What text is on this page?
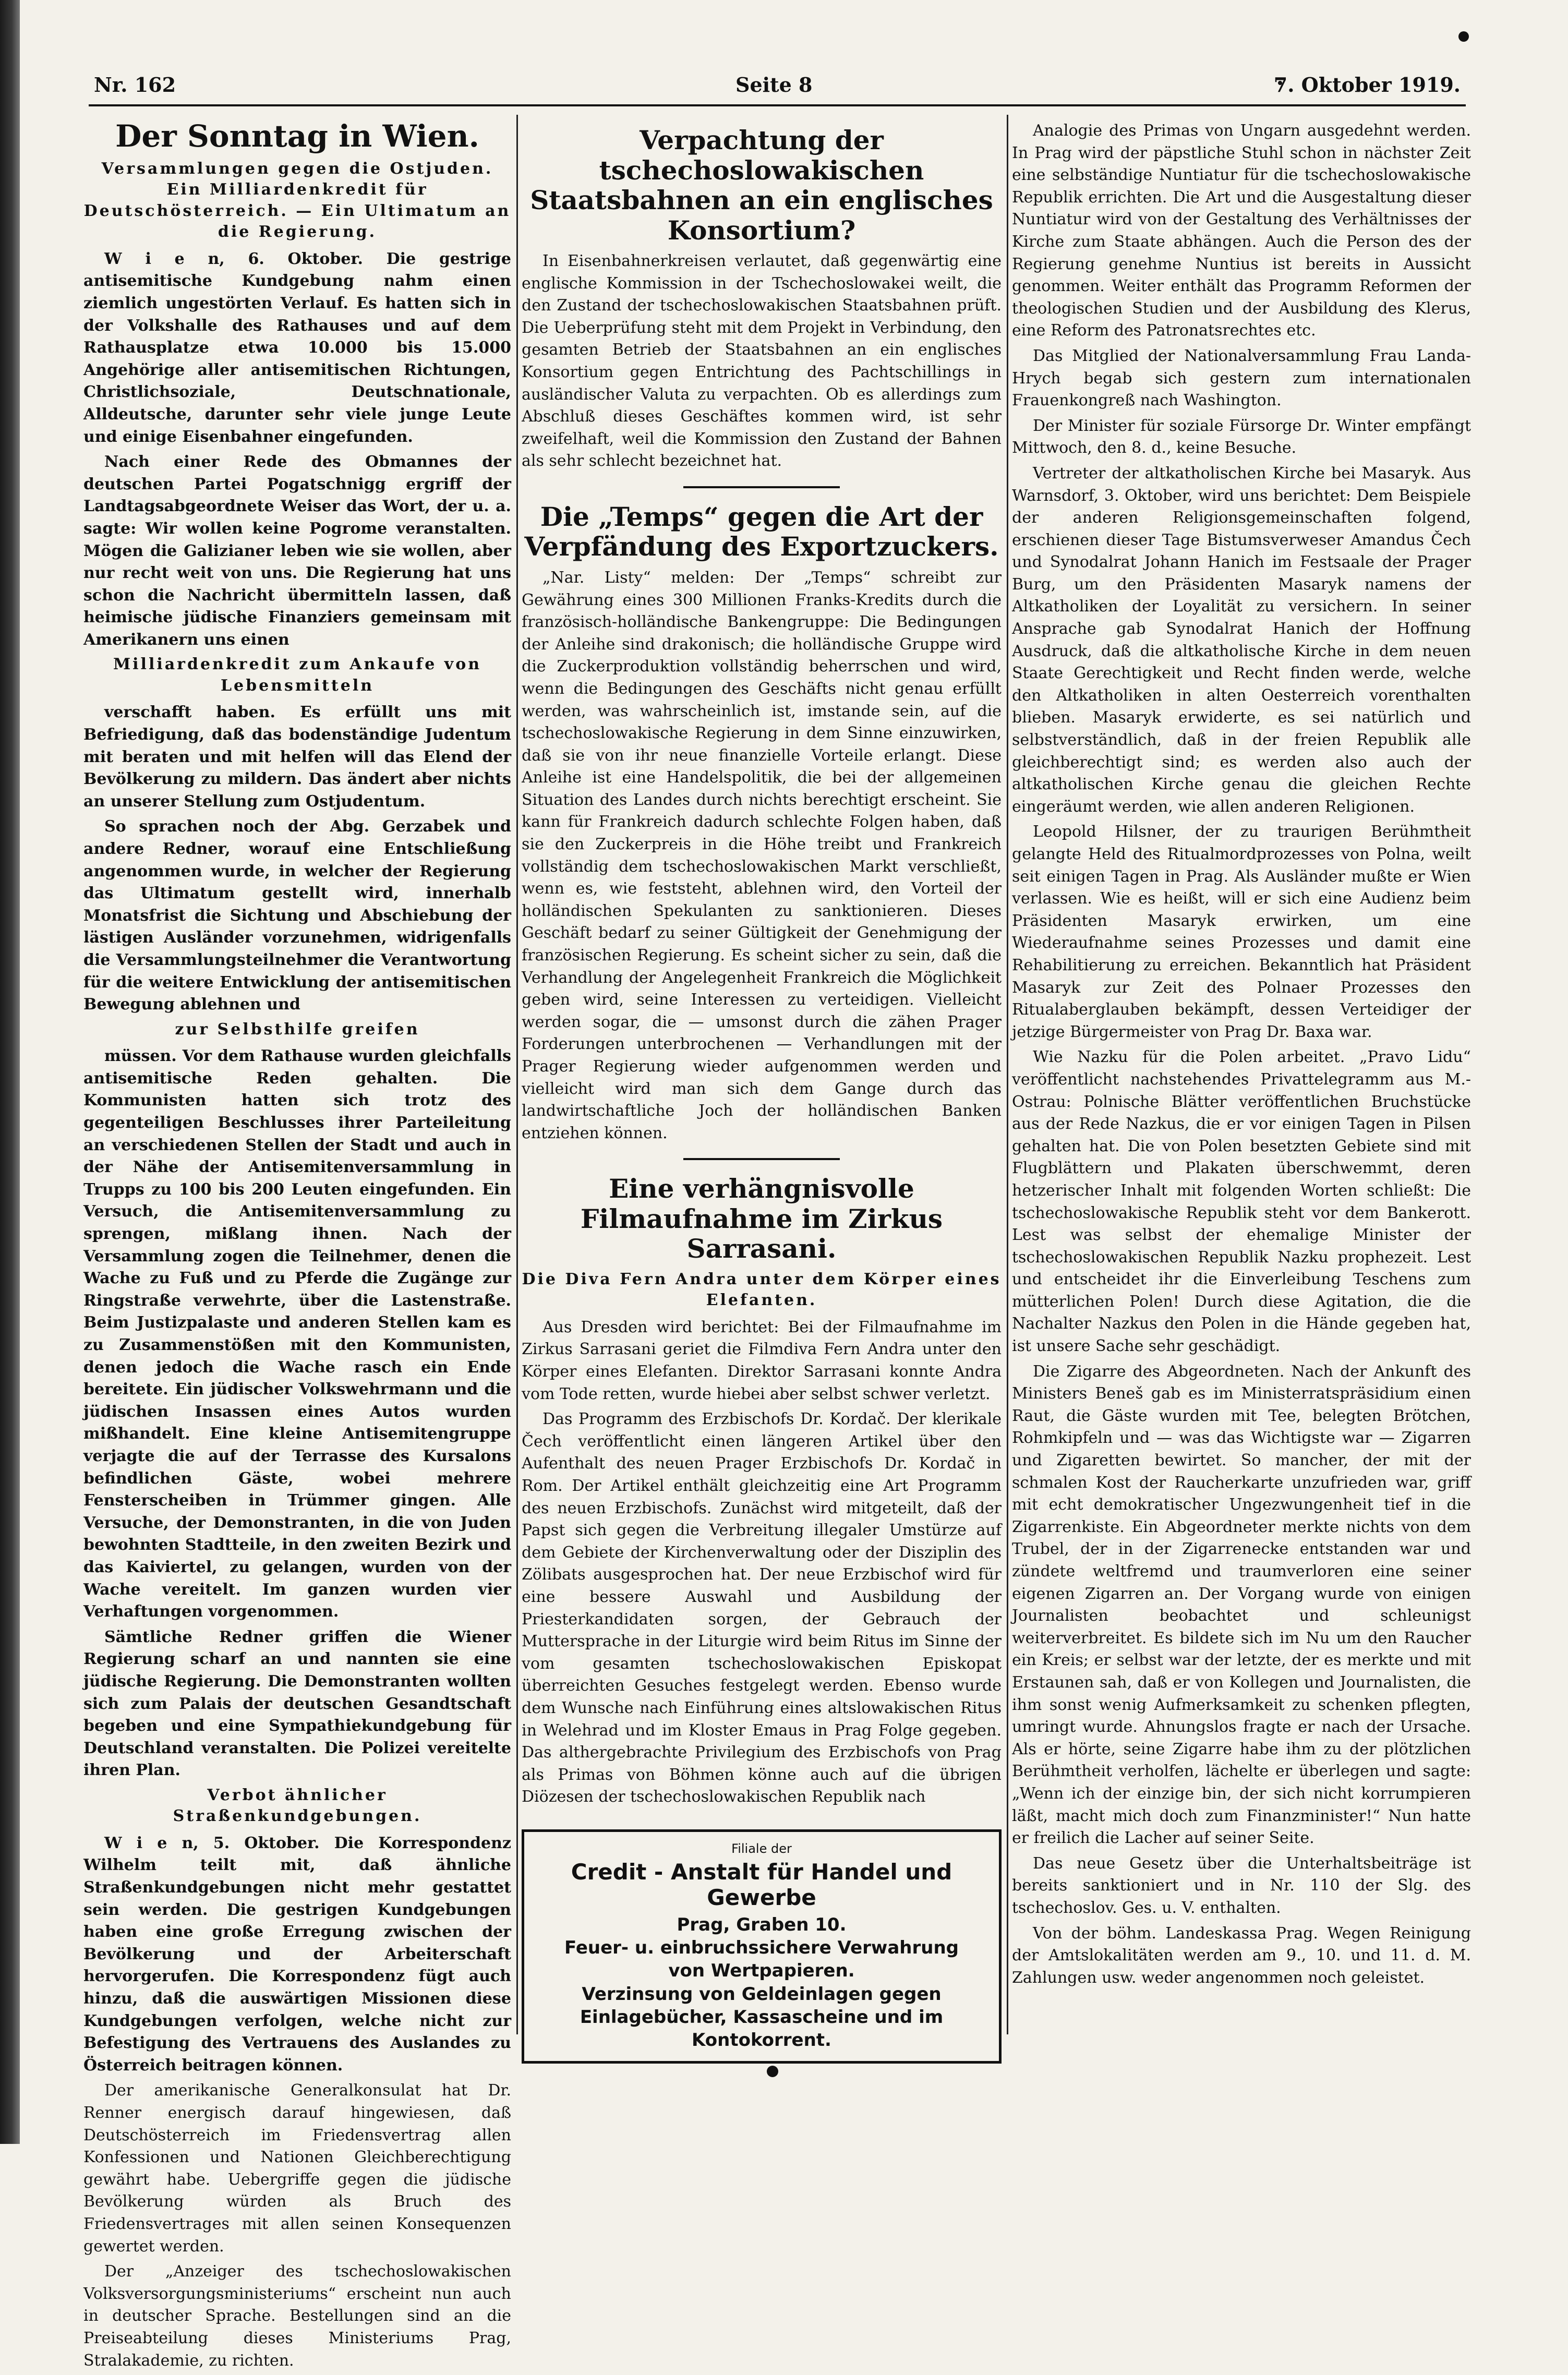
Nr. 162	Seite 8	7. Oktober 1919.
Der Sonntag in Wien.
Versammlungen gegen die Ostjuden. Ein Milliardenkredit für Deutschösterreich. — Ein Ultimatum an die Regierung.
W i e n, 6. Oktober. Die gestrige antisemitische Kundgebung nahm einen ziemlich ungestörten Verlauf. Es hatten sich in der Volkshalle des Rathauses und auf dem Rathausplatze etwa 10.000 bis 15.000 Angehörige aller antisemitischen Richtungen, Christlichsoziale, Deutschnationale, Alldeutsche, darunter sehr viele junge Leute und einige Eisenbahner eingefunden.
Nach einer Rede des Obmannes der deutschen Partei Pogatschnigg ergriff der Landtagsabgeordnete Weiser das Wort, der u. a. sagte: Wir wollen keine Pogrome veranstalten. Mögen die Galizianer leben wie sie wollen, aber nur recht weit von uns. Die Regierung hat uns schon die Nachricht übermitteln lassen, daß heimische jüdische Finanziers gemeinsam mit Amerikanern uns einen
Milliardenkredit zum Ankaufe von Lebensmitteln
verschafft haben. Es erfüllt uns mit Befriedigung, daß das bodenständige Judentum mit beraten und mit helfen will das Elend der Bevölkerung zu mildern. Das ändert aber nichts an unserer Stellung zum Ostjudentum.
So sprachen noch der Abg. Gerzabek und andere Redner, worauf eine Entschließung angenommen wurde, in welcher der Regierung das Ultimatum gestellt wird, innerhalb Monatsfrist die Sichtung und Abschiebung der lästigen Ausländer vorzunehmen, widrigenfalls die Versammlungsteilnehmer die Verantwortung für die weitere Entwicklung der antisemitischen Bewegung ablehnen und
zur Selbsthilfe greifen
müssen. Vor dem Rathause wurden gleichfalls antisemitische Reden gehalten. Die Kommunisten hatten sich trotz des gegenteiligen Beschlusses ihrer Parteileitung an verschiedenen Stellen der Stadt und auch in der Nähe der Antisemitenversammlung in Trupps zu 100 bis 200 Leuten eingefunden. Ein Versuch, die Antisemitenversammlung zu sprengen, mißlang ihnen. Nach der Versammlung zogen die Teilnehmer, denen die Wache zu Fuß und zu Pferde die Zugänge zur Ringstraße verwehrte, über die Lastenstraße. Beim Justizpalaste und anderen Stellen kam es zu Zusammenstößen mit den Kommunisten, denen jedoch die Wache rasch ein Ende bereitete. Ein jüdischer Volkswehrmann und die jüdischen Insassen eines Autos wurden mißhandelt. Eine kleine Antisemitengruppe verjagte die auf der Terrasse des Kursalons befindlichen Gäste, wobei mehrere Fensterscheiben in Trümmer gingen. Alle Versuche, der Demonstranten, in die von Juden bewohnten Stadtteile, in den zweiten Bezirk und das Kaiviertel, zu gelangen, wurden von der Wache vereitelt. Im ganzen wurden vier Verhaftungen vorgenommen.
Sämtliche Redner griffen die Wiener Regierung scharf an und nannten sie eine jüdische Regierung. Die Demonstranten wollten sich zum Palais der deutschen Gesandtschaft begeben und eine Sympathiekundgebung für Deutschland veranstalten. Die Polizei vereitelte ihren Plan.
Verbot ähnlicher Straßenkundgebungen.
W i e n, 5. Oktober. Die Korrespondenz Wilhelm teilt mit, daß ähnliche Straßenkundgebungen nicht mehr gestattet sein werden. Die gestrigen Kundgebungen haben eine große Erregung zwischen der Bevölkerung und der Arbeiterschaft hervorgerufen. Die Korrespondenz fügt auch hinzu, daß die auswärtigen Missionen diese Kundgebungen verfolgen, welche nicht zur Befestigung des Vertrauens des Auslandes zu Österreich beitragen können.
Der amerikanische Generalkonsulat hat Dr. Renner energisch darauf hingewiesen, daß Deutschösterreich im Friedensvertrag allen Konfessionen und Nationen Gleichberechtigung gewährt habe. Uebergriffe gegen die jüdische Bevölkerung würden als Bruch des Friedensvertrages mit allen seinen Konsequenzen gewertet werden.
Der „Anzeiger des tschechoslowakischen Volksversorgungsministeriums“ erscheint nun auch in deutscher Sprache. Bestellungen sind an die Preiseabteilung dieses Ministeriums Prag, Stralakademie, zu richten.
Verpachtung der tschechoslowakischen Staatsbahnen an ein englisches Konsortium?
In Eisenbahnerkreisen verlautet, daß gegenwärtig eine englische Kommission in der Tschechoslowakei weilt, die den Zustand der tschechoslowakischen Staatsbahnen prüft. Die Ueberprüfung steht mit dem Projekt in Verbindung, den gesamten Betrieb der Staatsbahnen an ein englisches Konsortium gegen Entrichtung des Pachtschillings in ausländischer Valuta zu verpachten. Ob es allerdings zum Abschluß dieses Geschäftes kommen wird, ist sehr zweifelhaft, weil die Kommission den Zustand der Bahnen als sehr schlecht bezeichnet hat.
Die „Temps“ gegen die Art der Verpfändung des Exportzuckers.
„Nar. Listy“ melden: Der „Temps“ schreibt zur Gewährung eines 300 Millionen Franks-Kredits durch die französisch-holländische Bankengruppe: Die Bedingungen der Anleihe sind drakonisch; die holländische Gruppe wird die Zuckerproduktion vollständig beherrschen und wird, wenn die Bedingungen des Geschäfts nicht genau erfüllt werden, was wahrscheinlich ist, imstande sein, auf die tschechoslowakische Regierung in dem Sinne einzuwirken, daß sie von ihr neue finanzielle Vorteile erlangt. Diese Anleihe ist eine Handelspolitik, die bei der allgemeinen Situation des Landes durch nichts berechtigt erscheint. Sie kann für Frankreich dadurch schlechte Folgen haben, daß sie den Zuckerpreis in die Höhe treibt und Frankreich vollständig dem tschechoslowakischen Markt verschließt, wenn es, wie feststeht, ablehnen wird, den Vorteil der holländischen Spekulanten zu sanktionieren. Dieses Geschäft bedarf zu seiner Gültigkeit der Genehmigung der französischen Regierung. Es scheint sicher zu sein, daß die Verhandlung der Angelegenheit Frankreich die Möglichkeit geben wird, seine Interessen zu verteidigen. Vielleicht werden sogar, die — umsonst durch die zähen Prager Forderungen unterbrochenen — Verhandlungen mit der Prager Regierung wieder aufgenommen werden und vielleicht wird man sich dem Gange durch das landwirtschaftliche Joch der holländischen Banken entziehen können.
Eine verhängnisvolle Filmaufnahme im Zirkus Sarrasani.
Die Diva Fern Andra unter dem Körper eines Elefanten.
Aus Dresden wird berichtet: Bei der Filmaufnahme im Zirkus Sarrasani geriet die Filmdiva Fern Andra unter den Körper eines Elefanten. Direktor Sarrasani konnte Andra vom Tode retten, wurde hiebei aber selbst schwer verletzt.
Das Programm des Erzbischofs Dr. Kordač. Der klerikale Čech veröffentlicht einen längeren Artikel über den Aufenthalt des neuen Prager Erzbischofs Dr. Kordač in Rom. Der Artikel enthält gleichzeitig eine Art Programm des neuen Erzbischofs. Zunächst wird mitgeteilt, daß der Papst sich gegen die Verbreitung illegaler Umstürze auf dem Gebiete der Kirchenverwaltung oder der Disziplin des Zölibats ausgesprochen hat. Der neue Erzbischof wird für eine bessere Auswahl und Ausbildung der Priesterkandidaten sorgen, der Gebrauch der Muttersprache in der Liturgie wird beim Ritus im Sinne der vom gesamten tschechoslowakischen Episkopat überreichten Gesuches festgelegt werden. Ebenso wurde dem Wunsche nach Einführung eines altslowakischen Ritus in Welehrad und im Kloster Emaus in Prag Folge gegeben. Das althergebrachte Privilegium des Erzbischofs von Prag als Primas von Böhmen könne auch auf die übrigen Diözesen der tschechoslowakischen Republik nach
Filiale der
Credit - Anstalt für Handel und Gewerbe
Prag, Graben 10.
Feuer- u. einbruchssichere Verwahrung
von Wertpapieren.
Verzinsung von Geldeinlagen gegen Einlagebücher, Kassascheine und im
Kontokorrent.
Analogie des Primas von Ungarn ausgedehnt werden. In Prag wird der päpstliche Stuhl schon in nächster Zeit eine selbständige Nuntiatur für die tschechoslowakische Republik errichten. Die Art und die Ausgestaltung dieser Nuntiatur wird von der Gestaltung des Verhältnisses der Kirche zum Staate abhängen. Auch die Person des der Regierung genehme Nuntius ist bereits in Aussicht genommen. Weiter enthält das Programm Reformen der theologischen Studien und der Ausbildung des Klerus, eine Reform des Patronatsrechtes etc.
Das Mitglied der Nationalversammlung Frau Landa-Hrych begab sich gestern zum internationalen Frauenkongreß nach Washington.
Der Minister für soziale Fürsorge Dr. Winter empfängt Mittwoch, den 8. d., keine Besuche.
Vertreter der altkatholischen Kirche bei Masaryk. Aus Warnsdorf, 3. Oktober, wird uns berichtet: Dem Beispiele der anderen Religionsgemeinschaften folgend, erschienen dieser Tage Bistumsverweser Amandus Čech und Synodalrat Johann Hanich im Festsaale der Prager Burg, um den Präsidenten Masaryk namens der Altkatholiken der Loyalität zu versichern. In seiner Ansprache gab Synodalrat Hanich der Hoffnung Ausdruck, daß die altkatholische Kirche in dem neuen Staate Gerechtigkeit und Recht finden werde, welche den Altkatholiken in alten Oesterreich vorenthalten blieben. Masaryk erwiderte, es sei natürlich und selbstverständlich, daß in der freien Republik alle gleichberechtigt sind; es werden also auch der altkatholischen Kirche genau die gleichen Rechte eingeräumt werden, wie allen anderen Religionen.
Leopold Hilsner, der zu traurigen Berühmtheit gelangte Held des Ritualmordprozesses von Polna, weilt seit einigen Tagen in Prag. Als Ausländer mußte er Wien verlassen. Wie es heißt, will er sich eine Audienz beim Präsidenten Masaryk erwirken, um eine Wiederaufnahme seines Prozesses und damit eine Rehabilitierung zu erreichen. Bekanntlich hat Präsident Masaryk zur Zeit des Polnaer Prozesses den Ritualaberglauben bekämpft, dessen Verteidiger der jetzige Bürgermeister von Prag Dr. Baxa war.
Wie Nazku für die Polen arbeitet. „Pravo Lidu“ veröffentlicht nachstehendes Privattelegramm aus M.-Ostrau: Polnische Blätter veröffentlichen Bruchstücke aus der Rede Nazkus, die er vor einigen Tagen in Pilsen gehalten hat. Die von Polen besetzten Gebiete sind mit Flugblättern und Plakaten überschwemmt, deren hetzerischer Inhalt mit folgenden Worten schließt: Die tschechoslowakische Republik steht vor dem Bankerott. Lest was selbst der ehemalige Minister der tschechoslowakischen Republik Nazku prophezeit. Lest und entscheidet ihr die Einverleibung Teschens zum mütterlichen Polen! Durch diese Agitation, die die Nachalter Nazkus den Polen in die Hände gegeben hat, ist unsere Sache sehr geschädigt.
Die Zigarre des Abgeordneten. Nach der Ankunft des Ministers Beneš gab es im Ministerratspräsidium einen Raut, die Gäste wurden mit Tee, belegten Brötchen, Rohmkipfeln und — was das Wichtigste war — Zigarren und Zigaretten bewirtet. So mancher, der mit der schmalen Kost der Raucherkarte unzufrieden war, griff mit echt demokratischer Ungezwungenheit tief in die Zigarrenkiste. Ein Abgeordneter merkte nichts von dem Trubel, der in der Zigarrenecke entstanden war und zündete weltfremd und traumverloren eine seiner eigenen Zigarren an. Der Vorgang wurde von einigen Journalisten beobachtet und schleunigst weiterverbreitet. Es bildete sich im Nu um den Raucher ein Kreis; er selbst war der letzte, der es merkte und mit Erstaunen sah, daß er von Kollegen und Journalisten, die ihm sonst wenig Aufmerksamkeit zu schenken pflegten, umringt wurde. Ahnungslos fragte er nach der Ursache. Als er hörte, seine Zigarre habe ihm zu der plötzlichen Berühmtheit verholfen, lächelte er überlegen und sagte: „Wenn ich der einzige bin, der sich nicht korrumpieren läßt, macht mich doch zum Finanzminister!“ Nun hatte er freilich die Lacher auf seiner Seite.
Das neue Gesetz über die Unterhaltsbeiträge ist bereits sanktioniert und in Nr. 110 der Slg. des tschechoslov. Ges. u. V. enthalten.
Von der böhm. Landeskassa Prag. Wegen Reinigung der Amtslokalitäten werden am 9., 10. und 11. d. M. Zahlungen usw. weder angenommen noch geleistet.
